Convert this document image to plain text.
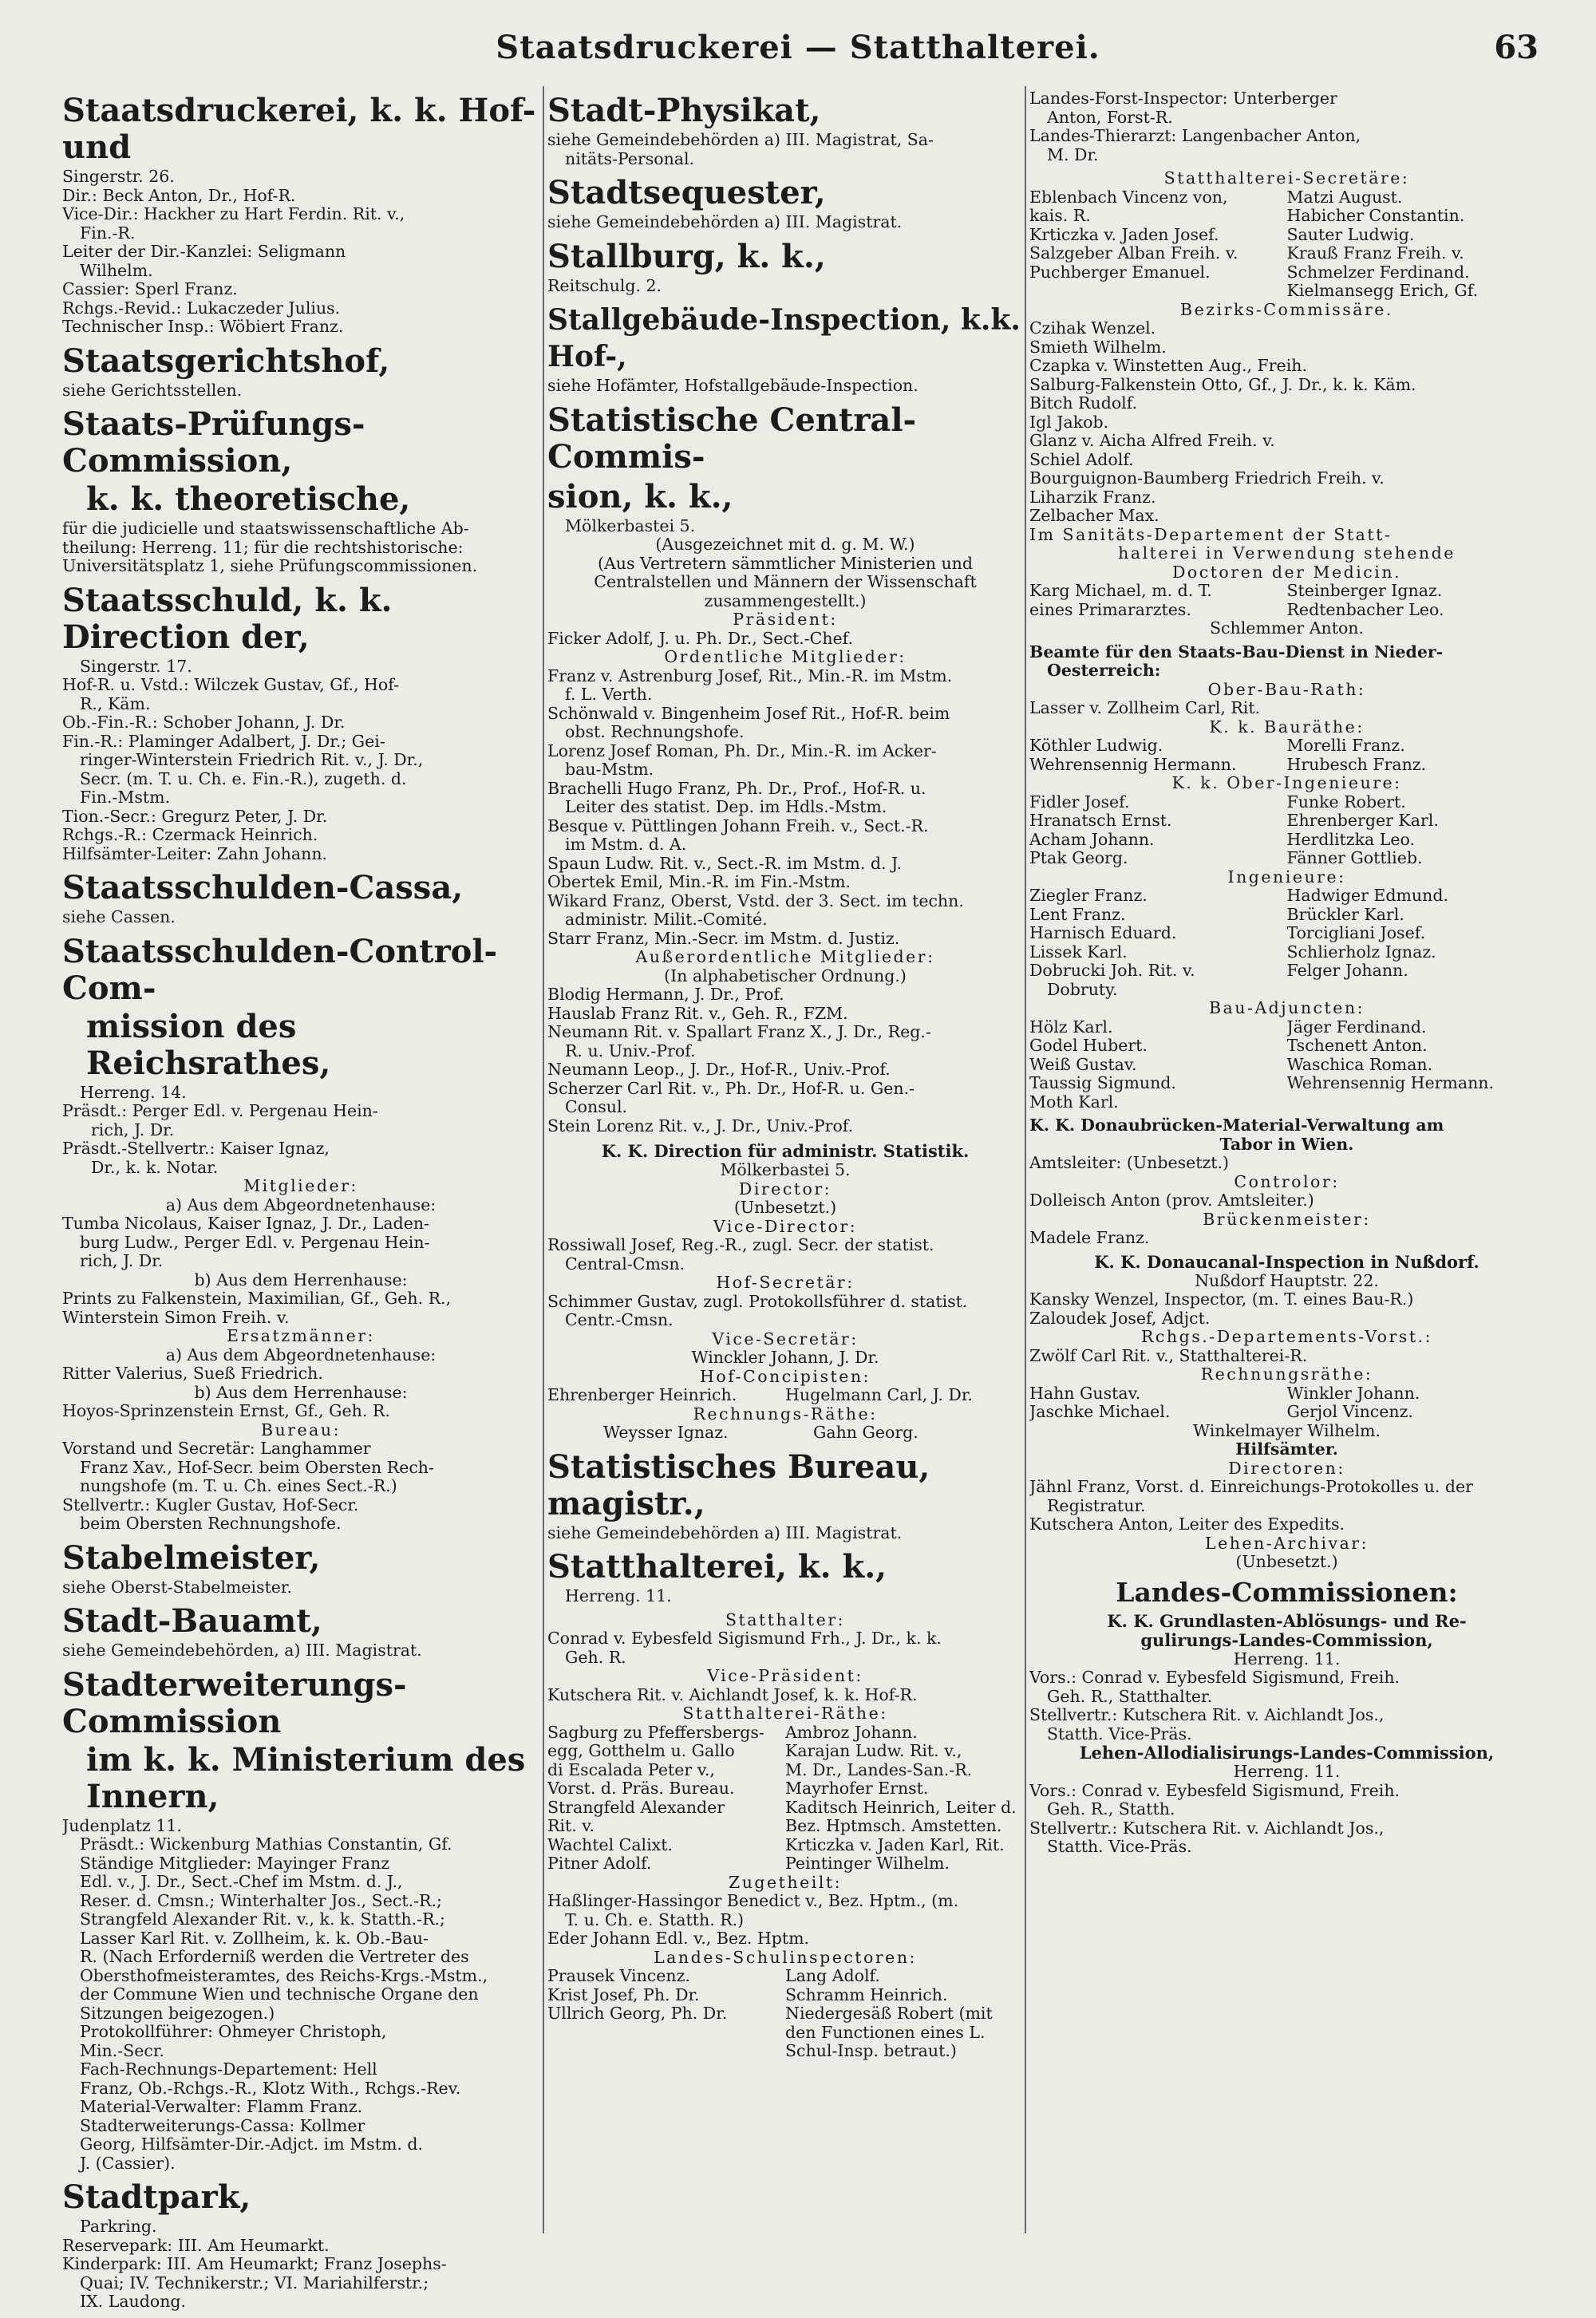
Staatsdruckerei — Statthalterei.	63
Staatsdruckerei, k. k. Hof- und
Singerstr. 26.
Dir.: Beck Anton, Dr., Hof-R.
Vice-Dir.: Hackher zu Hart Ferdin. Rit. v.,
Fin.-R.
Leiter der Dir.-Kanzlei: Seligmann
Wilhelm.
Cassier: Sperl Franz.
Rchgs.-Revid.: Lukaczeder Julius.
Technischer Insp.: Wöbiert Franz.
Staatsgerichtshof,
siehe Gerichtsstellen.
Staats-Prüfungs-Commission,
k. k. theoretische,
für die judicielle und staatswissenschaftliche Ab-
theilung: Herreng. 11; für die rechtshistorische:
Universitätsplatz 1, siehe Prüfungscommissionen.
Staatsschuld, k. k. Direction der,
Singerstr. 17.
Hof-R. u. Vstd.: Wilczek Gustav, Gf., Hof-
R., Käm.
Ob.-Fin.-R.: Schober Johann, J. Dr.
Fin.-R.: Plaminger Adalbert, J. Dr.; Gei-
ringer-Winterstein Friedrich Rit. v., J. Dr.,
Secr. (m. T. u. Ch. e. Fin.-R.), zugeth. d.
Fin.-Mstm.
Tion.-Secr.: Gregurz Peter, J. Dr.
Rchgs.-R.: Czermack Heinrich.
Hilfsämter-Leiter: Zahn Johann.
Staatsschulden-Cassa,
siehe Cassen.
Staatsschulden-Control-Com-
mission des Reichsrathes,
Herreng. 14.
Präsdt.: Perger Edl. v. Pergenau Hein-
rich, J. Dr.
Präsdt.-Stellvertr.: Kaiser Ignaz,
Dr., k. k. Notar.
Mitglieder:
a) Aus dem Abgeordnetenhause:
Tumba Nicolaus, Kaiser Ignaz, J. Dr., Laden-
burg Ludw., Perger Edl. v. Pergenau Hein-
rich, J. Dr.
b) Aus dem Herrenhause:
Prints zu Falkenstein, Maximilian, Gf., Geh. R.,
Winterstein Simon Freih. v.
Ersatzmänner:
a) Aus dem Abgeordnetenhause:
Ritter Valerius, Sueß Friedrich.
b) Aus dem Herrenhause:
Hoyos-Sprinzenstein Ernst, Gf., Geh. R.
Bureau:
Vorstand und Secretär: Langhammer
Franz Xav., Hof-Secr. beim Obersten Rech-
nungshofe (m. T. u. Ch. eines Sect.-R.)
Stellvertr.: Kugler Gustav, Hof-Secr.
beim Obersten Rechnungshofe.
Stabelmeister,
siehe Oberst-Stabelmeister.
Stadt-Bauamt,
siehe Gemeindebehörden, a) III. Magistrat.
Stadterweiterungs-Commission
im k. k. Ministerium des Innern,
Judenplatz 11.
Präsdt.: Wickenburg Mathias Constantin, Gf.
Ständige Mitglieder: Mayinger Franz
Edl. v., J. Dr., Sect.-Chef im Mstm. d. J.,
Reser. d. Cmsn.; Winterhalter Jos., Sect.-R.;
Strangfeld Alexander Rit. v., k. k. Statth.-R.;
Lasser Karl Rit. v. Zollheim, k. k. Ob.-Bau-
R. (Nach Erforderniß werden die Vertreter des
Obersthofmeisteramtes, des Reichs-Krgs.-Mstm.,
der Commune Wien und technische Organe den
Sitzungen beigezogen.)
Protokollführer: Ohmeyer Christoph,
Min.-Secr.
Fach-Rechnungs-Departement: Hell
Franz, Ob.-Rchgs.-R., Klotz With., Rchgs.-Rev.
Material-Verwalter: Flamm Franz.
Stadterweiterungs-Cassa: Kollmer
Georg, Hilfsämter-Dir.-Adjct. im Mstm. d.
J. (Cassier).
Stadtpark,
Parkring.
Reservepark: III. Am Heumarkt.
Kinderpark: III. Am Heumarkt; Franz Josephs-
Quai; IV. Technikerstr.; VI. Mariahilferstr.;
IX. Laudong.
Stadt-Physikat,
siehe Gemeindebehörden a) III. Magistrat, Sa-
nitäts-Personal.
Stadtsequester,
siehe Gemeindebehörden a) III. Magistrat.
Stallburg, k. k.,
Reitschulg. 2.
Stallgebäude-Inspection, k.k. Hof-,
siehe Hofämter, Hofstallgebäude-Inspection.
Statistische Central-Commis-
sion, k. k.,
Mölkerbastei 5.
(Ausgezeichnet mit d. g. M. W.)
(Aus Vertretern sämmtlicher Ministerien und
Centralstellen und Männern der Wissenschaft
zusammengestellt.)
Präsident:
Ficker Adolf, J. u. Ph. Dr., Sect.-Chef.
Ordentliche Mitglieder:
Franz v. Astrenburg Josef, Rit., Min.-R. im Mstm.
f. L. Verth.
Schönwald v. Bingenheim Josef Rit., Hof-R. beim
obst. Rechnungshofe.
Lorenz Josef Roman, Ph. Dr., Min.-R. im Acker-
bau-Mstm.
Brachelli Hugo Franz, Ph. Dr., Prof., Hof-R. u.
Leiter des statist. Dep. im Hdls.-Mstm.
Besque v. Püttlingen Johann Freih. v., Sect.-R.
im Mstm. d. A.
Spaun Ludw. Rit. v., Sect.-R. im Mstm. d. J.
Obertek Emil, Min.-R. im Fin.-Mstm.
Wikard Franz, Oberst, Vstd. der 3. Sect. im techn.
administr. Milit.-Comité.
Starr Franz, Min.-Secr. im Mstm. d. Justiz.
Außerordentliche Mitglieder:
(In alphabetischer Ordnung.)
Blodig Hermann, J. Dr., Prof.
Hauslab Franz Rit. v., Geh. R., FZM.
Neumann Rit. v. Spallart Franz X., J. Dr., Reg.-
R. u. Univ.-Prof.
Neumann Leop., J. Dr., Hof-R., Univ.-Prof.
Scherzer Carl Rit. v., Ph. Dr., Hof-R. u. Gen.-
Consul.
Stein Lorenz Rit. v., J. Dr., Univ.-Prof.
K. K. Direction für administr. Statistik.
Mölkerbastei 5.
Director:
(Unbesetzt.)
Vice-Director:
Rossiwall Josef, Reg.-R., zugl. Secr. der statist.
Central-Cmsn.
Hof-Secretär:
Schimmer Gustav, zugl. Protokollsführer d. statist.
Centr.-Cmsn.
Vice-Secretär:
Winckler Johann, J. Dr.
Hof-Concipisten:
Ehrenberger Heinrich.	Hugelmann Carl, J. Dr.
Rechnungs-Räthe:
Weysser Ignaz.	Gahn Georg.
Statistisches Bureau, magistr.,
siehe Gemeindebehörden a) III. Magistrat.
Statthalterei, k. k.,
Herreng. 11.
Statthalter:
Conrad v. Eybesfeld Sigismund Frh., J. Dr., k. k.
Geh. R.
Vice-Präsident:
Kutschera Rit. v. Aichlandt Josef, k. k. Hof-R.
Statthalterei-Räthe:
Sagburg zu Pfeffersbergs-	Ambroz Johann.
egg, Gotthelm u. Gallo	Karajan Ludw. Rit. v.,
di Escalada Peter v.,	M. Dr., Landes-San.-R.
Vorst. d. Präs. Bureau.	Mayrhofer Ernst.
Strangfeld Alexander	Kaditsch Heinrich, Leiter d.
Rit. v.	Bez. Hptmsch. Amstetten.
Wachtel Calixt.	Krticzka v. Jaden Karl, Rit.
Pitner Adolf.	Peintinger Wilhelm.
Zugetheilt:
Haßlinger-Hassingor Benedict v., Bez. Hptm., (m.
T. u. Ch. e. Statth. R.)
Eder Johann Edl. v., Bez. Hptm.
Landes-Schulinspectoren:
Prausek Vincenz.	Lang Adolf.
Krist Josef, Ph. Dr.	Schramm Heinrich.
Ullrich Georg, Ph. Dr.	Niedergesäß Robert (mit
den Functionen eines L.
Schul-Insp. betraut.)
Landes-Forst-Inspector: Unterberger
Anton, Forst-R.
Landes-Thierarzt: Langenbacher Anton,
M. Dr.
Statthalterei-Secretäre:
Eblenbach Vincenz von,	Matzi August.
kais. R.	Habicher Constantin.
Krticzka v. Jaden Josef.	Sauter Ludwig.
Salzgeber Alban Freih. v.	Krauß Franz Freih. v.
Puchberger Emanuel.	Schmelzer Ferdinand.
Kielmansegg Erich, Gf.
Bezirks-Commissäre.
Czihak Wenzel.
Smieth Wilhelm.
Czapka v. Winstetten Aug., Freih.
Salburg-Falkenstein Otto, Gf., J. Dr., k. k. Käm.
Bitch Rudolf.
Igl Jakob.
Glanz v. Aicha Alfred Freih. v.
Schiel Adolf.
Bourguignon-Baumberg Friedrich Freih. v.
Liharzik Franz.
Zelbacher Max.
Im Sanitäts-Departement der Statt-
halterei in Verwendung stehende
Doctoren der Medicin.
Karg Michael, m. d. T.	Steinberger Ignaz.
eines Primararztes.	Redtenbacher Leo.
Schlemmer Anton.
Beamte für den Staats-Bau-Dienst in Nieder-
Oesterreich:
Ober-Bau-Rath:
Lasser v. Zollheim Carl, Rit.
K. k. Bauräthe:
Köthler Ludwig.	Morelli Franz.
Wehrensennig Hermann.	Hrubesch Franz.
K. k. Ober-Ingenieure:
Fidler Josef.	Funke Robert.
Hranatsch Ernst.	Ehrenberger Karl.
Acham Johann.	Herdlitzka Leo.
Ptak Georg.	Fänner Gottlieb.
Ingenieure:
Ziegler Franz.	Hadwiger Edmund.
Lent Franz.	Brückler Karl.
Harnisch Eduard.	Torcigliani Josef.
Lissek Karl.	Schlierholz Ignaz.
Dobrucki Joh. Rit. v.	Felger Johann.
Dobruty.
Bau-Adjuncten:
Hölz Karl.	Jäger Ferdinand.
Godel Hubert.	Tschenett Anton.
Weiß Gustav.	Waschica Roman.
Taussig Sigmund.	Wehrensennig Hermann.
Moth Karl.
K. K. Donaubrücken-Material-Verwaltung am
Tabor in Wien.
Amtsleiter: (Unbesetzt.)
Controlor:
Dolleisch Anton (prov. Amtsleiter.)
Brückenmeister:
Madele Franz.
K. K. Donaucanal-Inspection in Nußdorf.
Nußdorf Hauptstr. 22.
Kansky Wenzel, Inspector, (m. T. eines Bau-R.)
Zaloudek Josef, Adjct.
Rchgs.-Departements-Vorst.:
Zwölf Carl Rit. v., Statthalterei-R.
Rechnungsräthe:
Hahn Gustav.	Winkler Johann.
Jaschke Michael.	Gerjol Vincenz.
Winkelmayer Wilhelm.
Hilfsämter.
Directoren:
Jähnl Franz, Vorst. d. Einreichungs-Protokolles u. der
Registratur.
Kutschera Anton, Leiter des Expedits.
Lehen-Archivar:
(Unbesetzt.)
Landes-Commissionen:
K. K. Grundlasten-Ablösungs- und Re-
gulirungs-Landes-Commission,
Herreng. 11.
Vors.: Conrad v. Eybesfeld Sigismund, Freih.
Geh. R., Statthalter.
Stellvertr.: Kutschera Rit. v. Aichlandt Jos.,
Statth. Vice-Präs.
Lehen-Allodialisirungs-Landes-Commission,
Herreng. 11.
Vors.: Conrad v. Eybesfeld Sigismund, Freih.
Geh. R., Statth.
Stellvertr.: Kutschera Rit. v. Aichlandt Jos.,
Statth. Vice-Präs.
